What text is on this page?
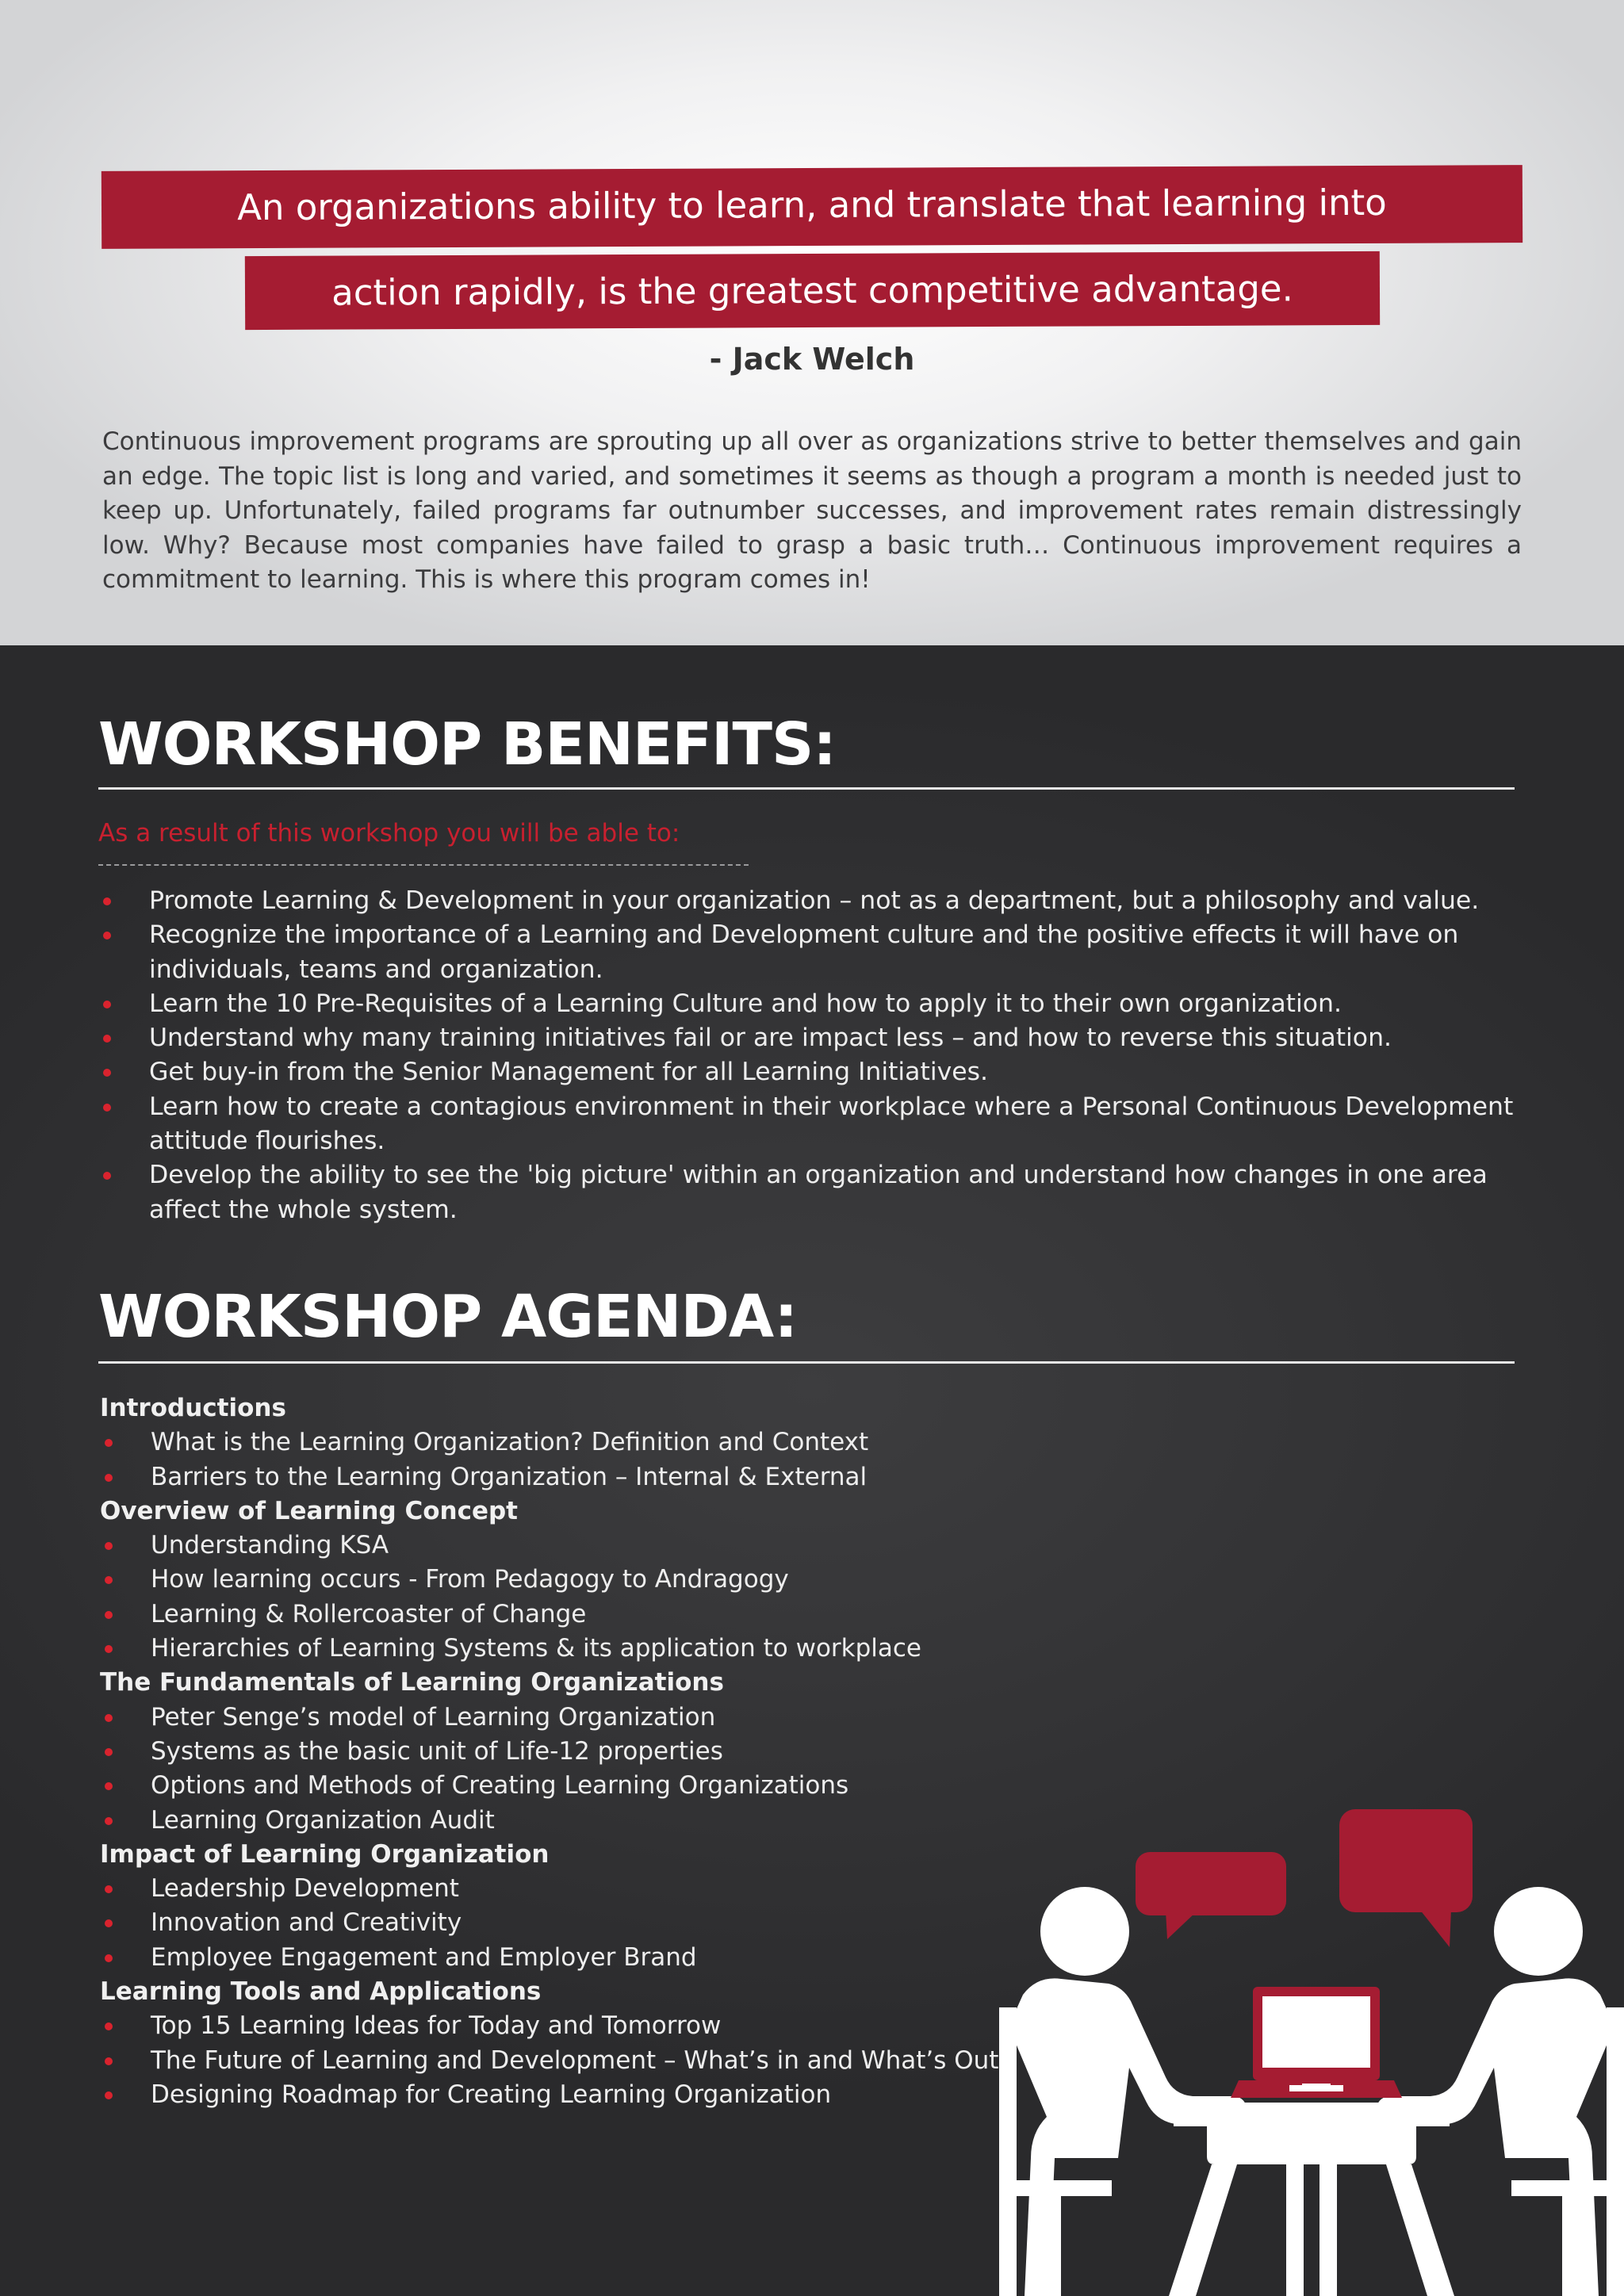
An organizations ability to learn, and translate that learning into
action rapidly, is the greatest competitive advantage.
- Jack Welch
Continuous improvement programs are sprouting up all over as organizations strive to better themselves and gain an edge. The topic list is long and varied, and sometimes it seems as though a program a month is needed just to keep up. Unfortunately, failed programs far outnumber successes, and improvement rates remain distressingly low. Why? Because most companies have failed to grasp a basic truth… Continuous improvement requires a commitment to learning. This is where this program comes in!
WORKSHOP BENEFITS:
As a result of this workshop you will be able to:
Promote Learning & Development in your organization – not as a department, but a philosophy and value.
Recognize the importance of a Learning and Development culture and the positive effects it will have on individuals, teams and organization.
Learn the 10 Pre-Requisites of a Learning Culture and how to apply it to their own organization.
Understand why many training initiatives fail or are impact less – and how to reverse this situation.
Get buy-in from the Senior Management for all Learning Initiatives.
Learn how to create a contagious environment in their workplace where a Personal Continuous Development attitude flourishes.
Develop the ability to see the 'big picture' within an organization and understand how changes in one area affect the whole system.
WORKSHOP AGENDA:
Introductions
What is the Learning Organization? Definition and Context
Barriers to the Learning Organization – Internal & External
Overview of Learning Concept
Understanding KSA
How learning occurs - From Pedagogy to Andragogy
Learning & Rollercoaster of Change
Hierarchies of Learning Systems & its application to workplace
The Fundamentals of Learning Organizations
Peter Senge’s model of Learning Organization
Systems as the basic unit of Life-12 properties
Options and Methods of Creating Learning Organizations
Learning Organization Audit
Impact of Learning Organization
Leadership Development
Innovation and Creativity
Employee Engagement and Employer Brand
Learning Tools and Applications
Top 15 Learning Ideas for Today and Tomorrow
The Future of Learning and Development – What’s in and What’s Out
Designing Roadmap for Creating Learning Organization
